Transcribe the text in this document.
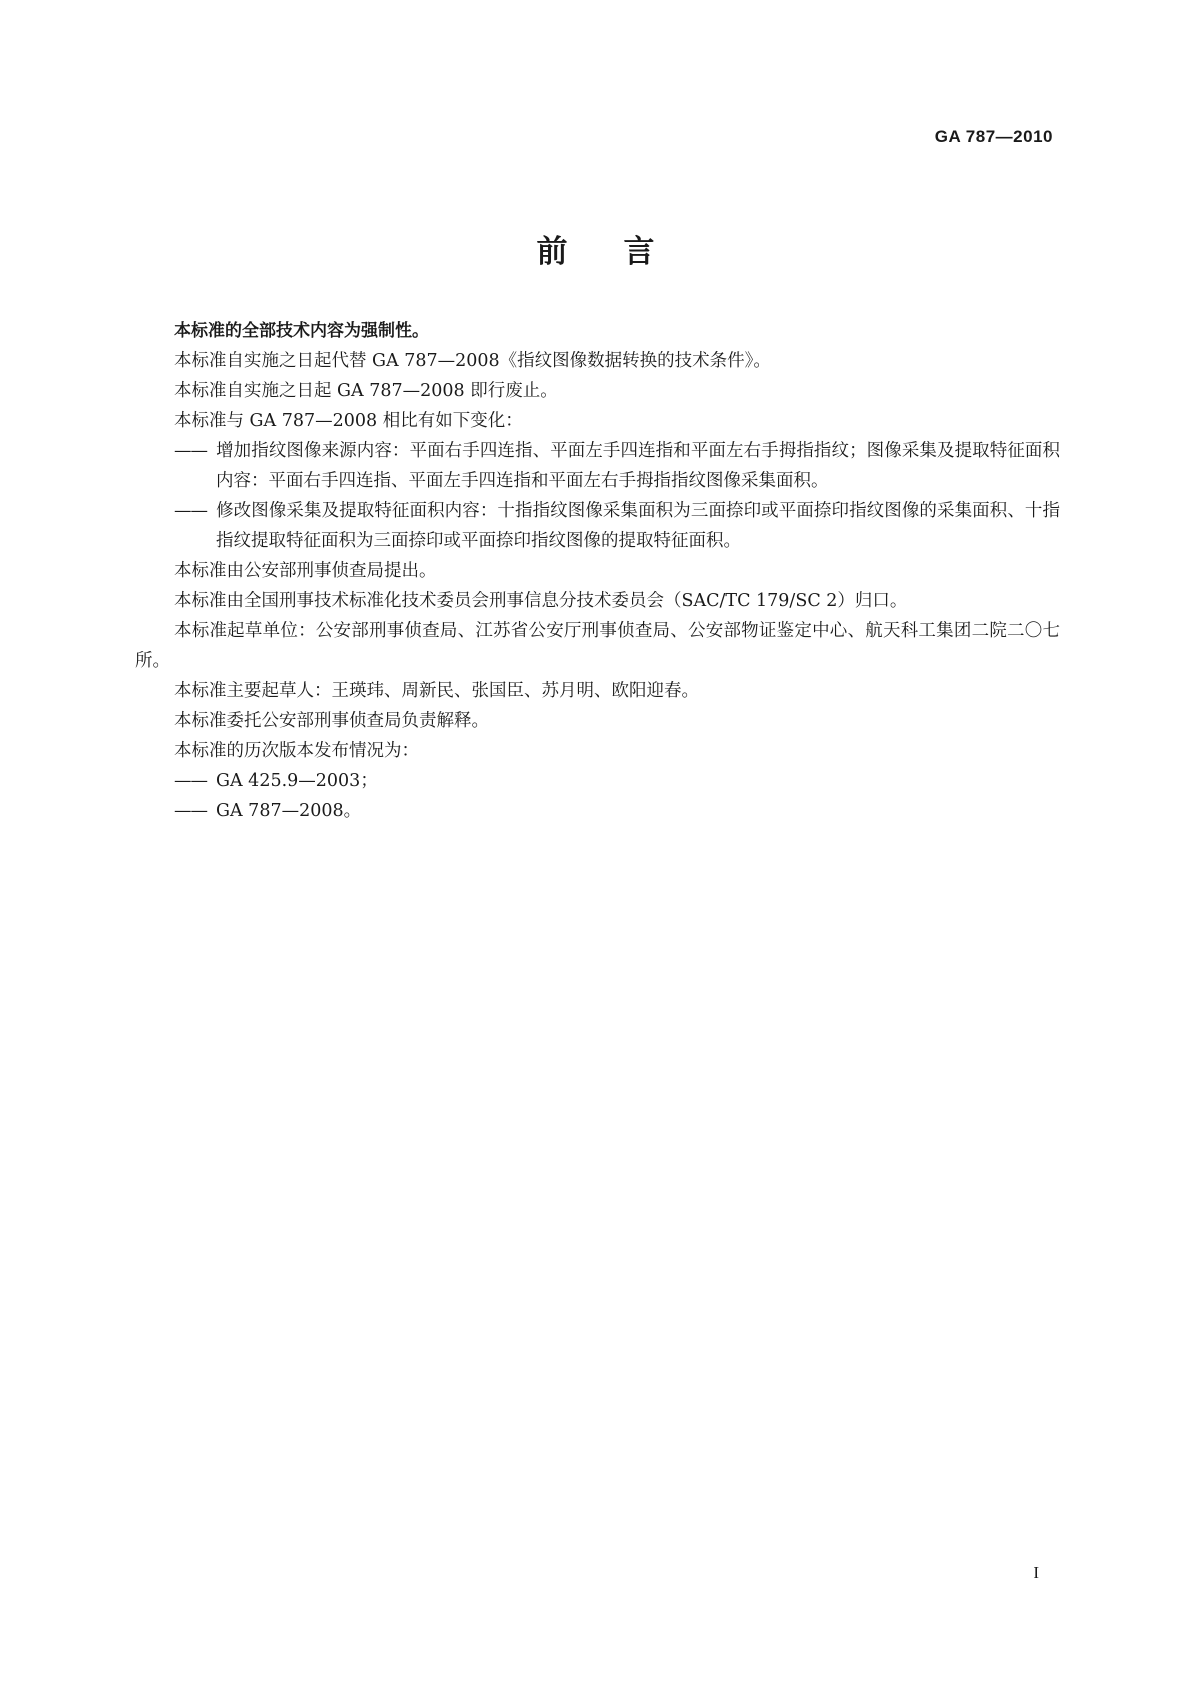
GA 787—2010
前言

本标准的全部技术内容为强制性。

本标准自实施之日起代替 GA 787—2008《指纹图像数据转换的技术条件》。

本标准自实施之日起 GA 787—2008 即行废止。

本标准与 GA 787—2008 相比有如下变化：

—— 增加指纹图像来源内容：平面右手四连指、平面左手四连指和平面左右手拇指指纹；图像采集及提取特征面积内容：平面右手四连指、平面左手四连指和平面左右手拇指指纹图像采集面积。

—— 修改图像采集及提取特征面积内容：十指指纹图像采集面积为三面捺印或平面捺印指纹图像的采集面积、十指指纹提取特征面积为三面捺印或平面捺印指纹图像的提取特征面积。

本标准由公安部刑事侦查局提出。

本标准由全国刑事技术标准化技术委员会刑事信息分技术委员会（SAC/TC 179/SC 2）归口。

本标准起草单位：公安部刑事侦查局、江苏省公安厅刑事侦查局、公安部物证鉴定中心、航天科工集团二院二〇七所。

本标准主要起草人：王瑛玮、周新民、张国臣、苏月明、欧阳迎春。

本标准委托公安部刑事侦查局负责解释。

本标准的历次版本发布情况为：

—— GA 425.9—2003；

—— GA 787—2008。

I
